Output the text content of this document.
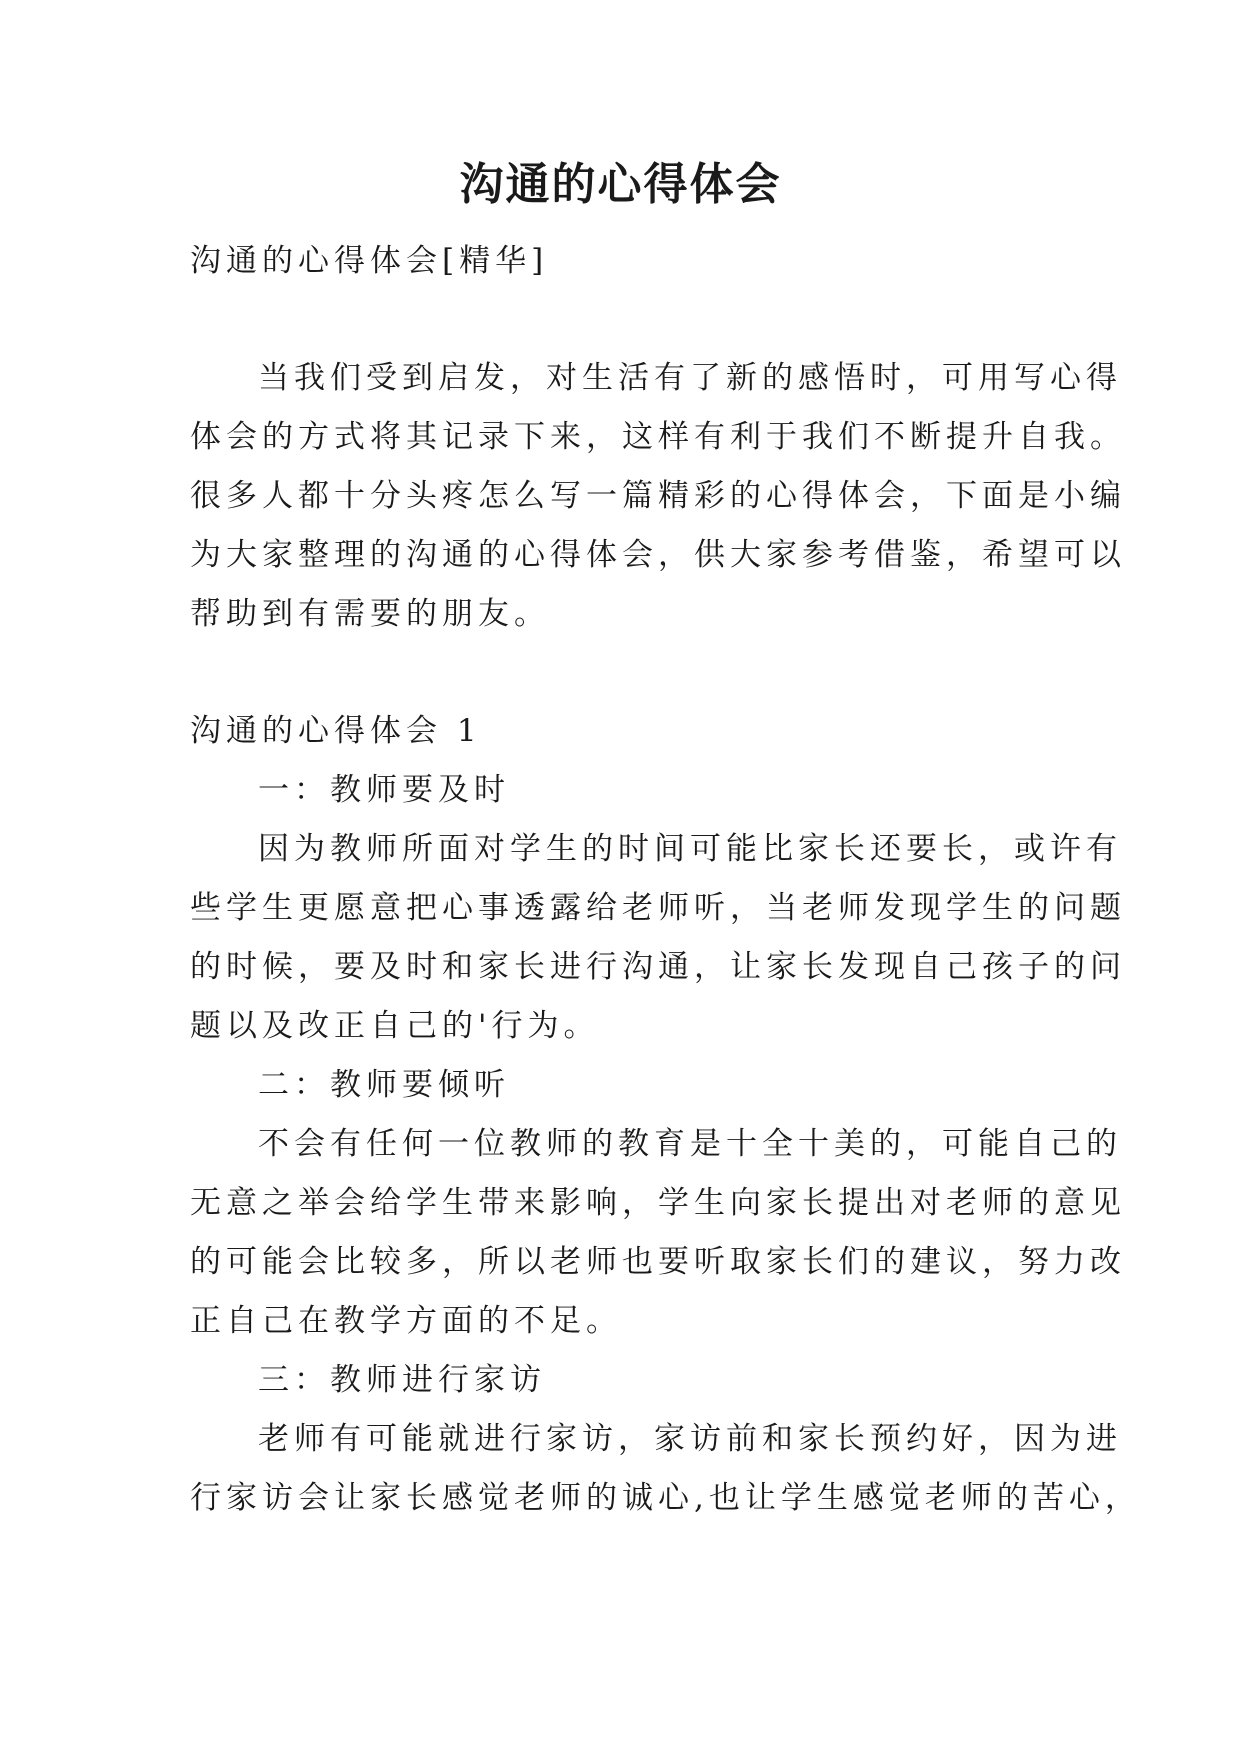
沟通的心得体会
沟通的心得体会[精华]
当我们受到启发，对生活有了新的感悟时，可用写心得
体会的方式将其记录下来，这样有利于我们不断提升自我。
很多人都十分头疼怎么写一篇精彩的心得体会，下面是小编
为大家整理的沟通的心得体会，供大家参考借鉴，希望可以
帮助到有需要的朋友。
沟通的心得体会 1
一：教师要及时
因为教师所面对学生的时间可能比家长还要长，或许有
些学生更愿意把心事透露给老师听，当老师发现学生的问题
的时候，要及时和家长进行沟通，让家长发现自己孩子的问
题以及改正自己的'行为。
二：教师要倾听
不会有任何一位教师的教育是十全十美的，可能自己的
无意之举会给学生带来影响，学生向家长提出对老师的意见
的可能会比较多，所以老师也要听取家长们的建议，努力改
正自己在教学方面的不足。
三：教师进行家访
老师有可能就进行家访，家访前和家长预约好，因为进
行家访会让家长感觉老师的诚心,也让学生感觉老师的苦心，
